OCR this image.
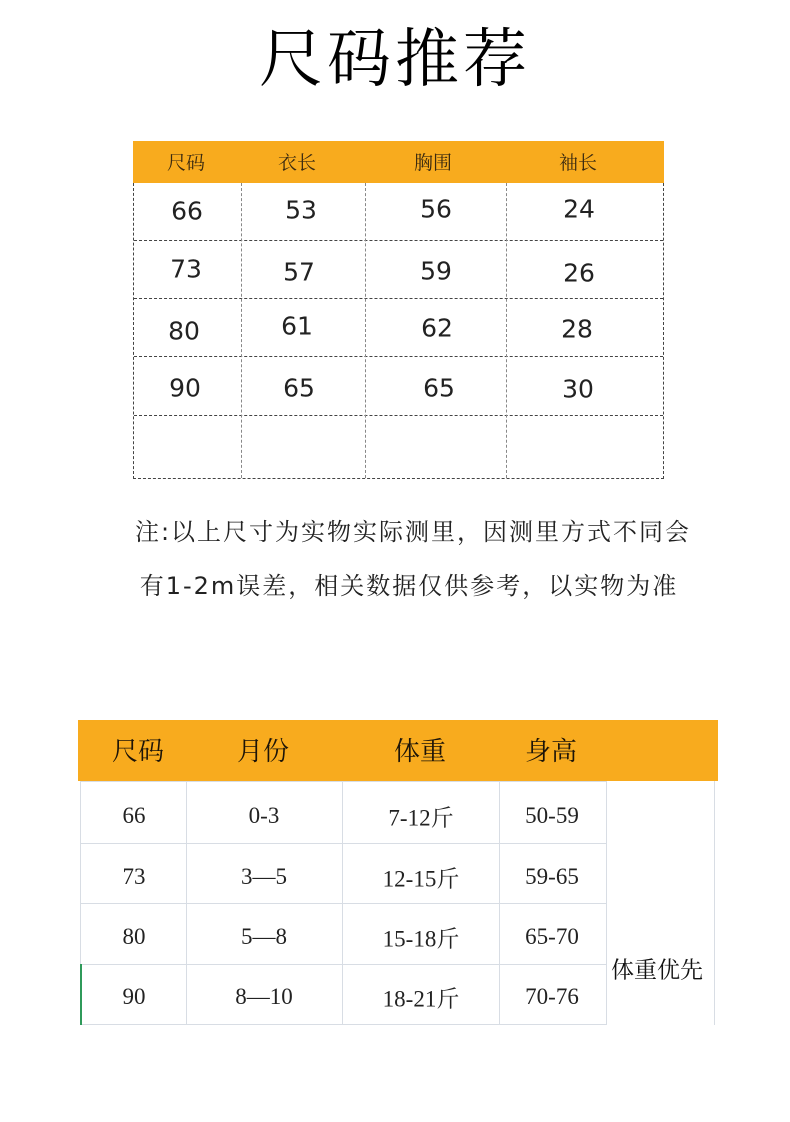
尺码推荐
尺码	衣长	胸围	袖长
66	53	56	24
73	57	59	26
80	61	62	28
90	65	65	30
注:以上尺寸为实物实际测里，因测里方式不同会
有1-2m误差，相关数据仅供参考，以实物为准
尺码	月份	体重	身高
66	0-3	7-12斤	50-59
73	3—5	12-15斤	59-65
80	5—8	15-18斤	65-70
90	8—10	18-21斤	70-76
体重优先
